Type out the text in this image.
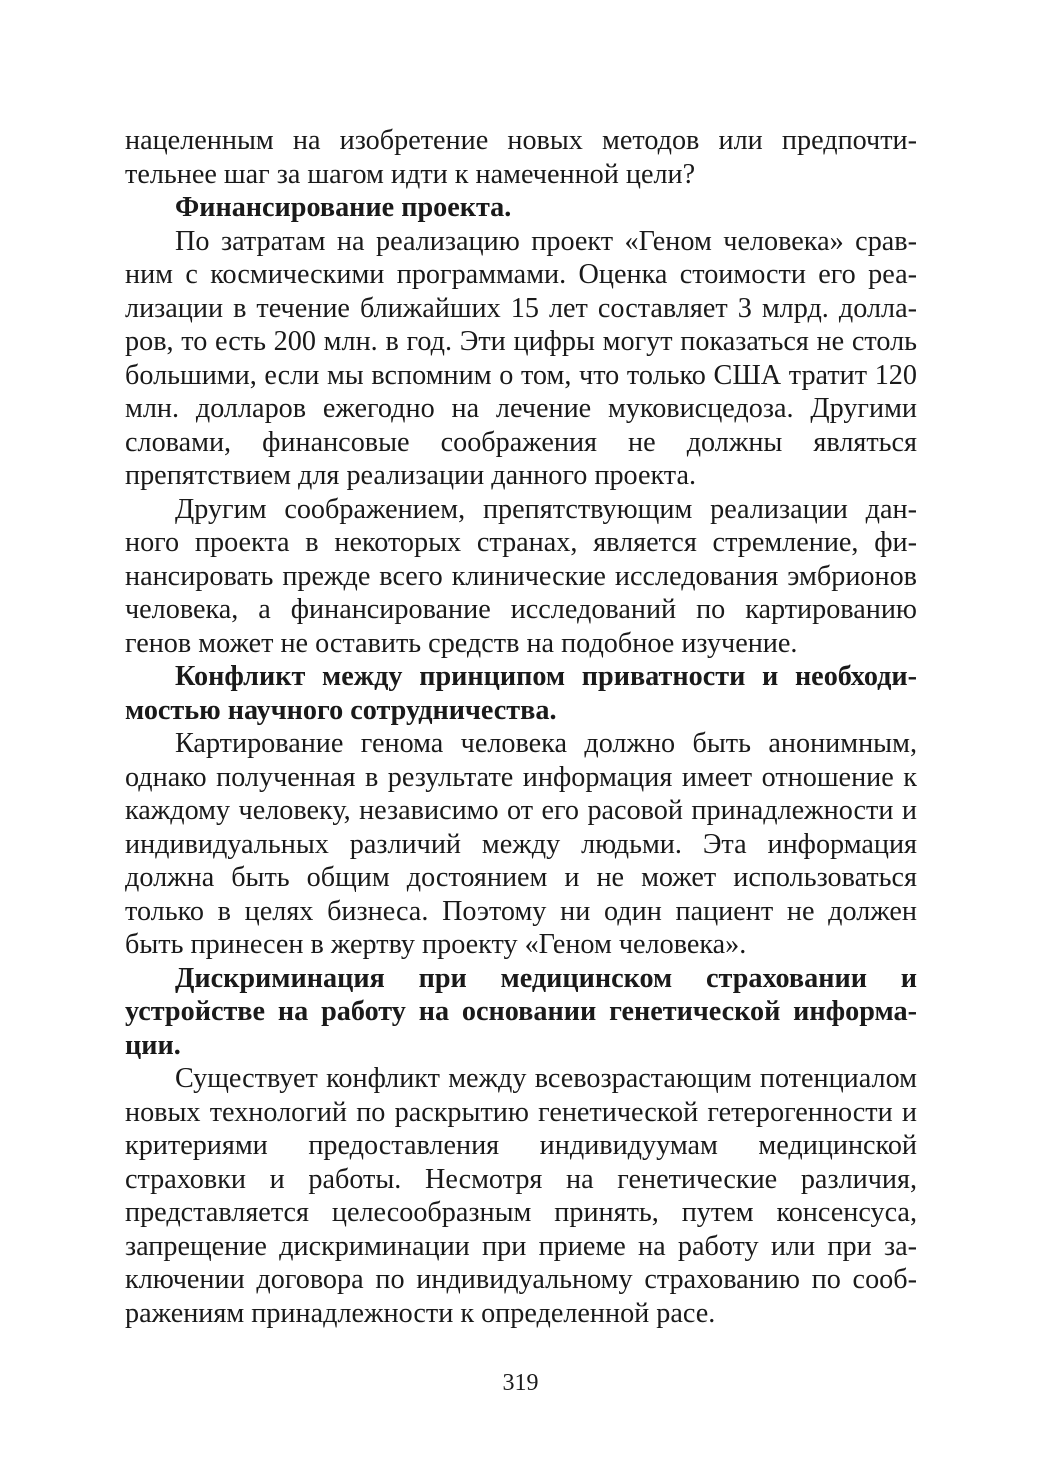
нацеленным на изобретение новых методов или предпочтительнее шаг за шагом идти к намеченной цели?

Финансирование проекта.

По затратам на реализацию проект «Геном человека» сравним с космическими программами. Оценка стоимости его реализации в течение ближайших 15 лет составляет 3 млрд. долларов, то есть 200 млн. в год. Эти цифры могут показаться не столь большими, если мы вспомним о том, что только США тратит 120 млн. долларов ежегодно на лечение муковисцедоза. Другими словами, финансовые соображения не должны являться препятствием для реализации данного проекта.

Другим соображением, препятствующим реализации данного проекта в некоторых странах, является стремление, финансировать прежде всего клинические исследования эмбрионов человека, а финансирование исследований по картированию генов может не оставить средств на подобное изучение.

Конфликт между принципом приватности и необходимостью научного сотрудничества.

Картирование генома человека должно быть анонимным, однако полученная в результате информация имеет отношение к каждому человеку, независимо от его расовой принадлежности и индивидуальных различий между людьми. Эта информация должна быть общим достоянием и не может использоваться только в целях бизнеса. Поэтому ни один пациент не должен быть принесен в жертву проекту «Геном человека».

Дискриминация при медицинском страховании и устройстве на работу на основании генетической информации.

Существует конфликт между всевозрастающим потенциалом новых технологий по раскрытию генетической гетерогенности и критериями предоставления индивидуумам медицинской страховки и работы. Несмотря на генетические различия, представляется целесообразным принять, путем консенсуса, запрещение дискриминации при приеме на работу или при заключении договора по индивидуальному страхованию по соображениям принадлежности к определенной расе.

319
